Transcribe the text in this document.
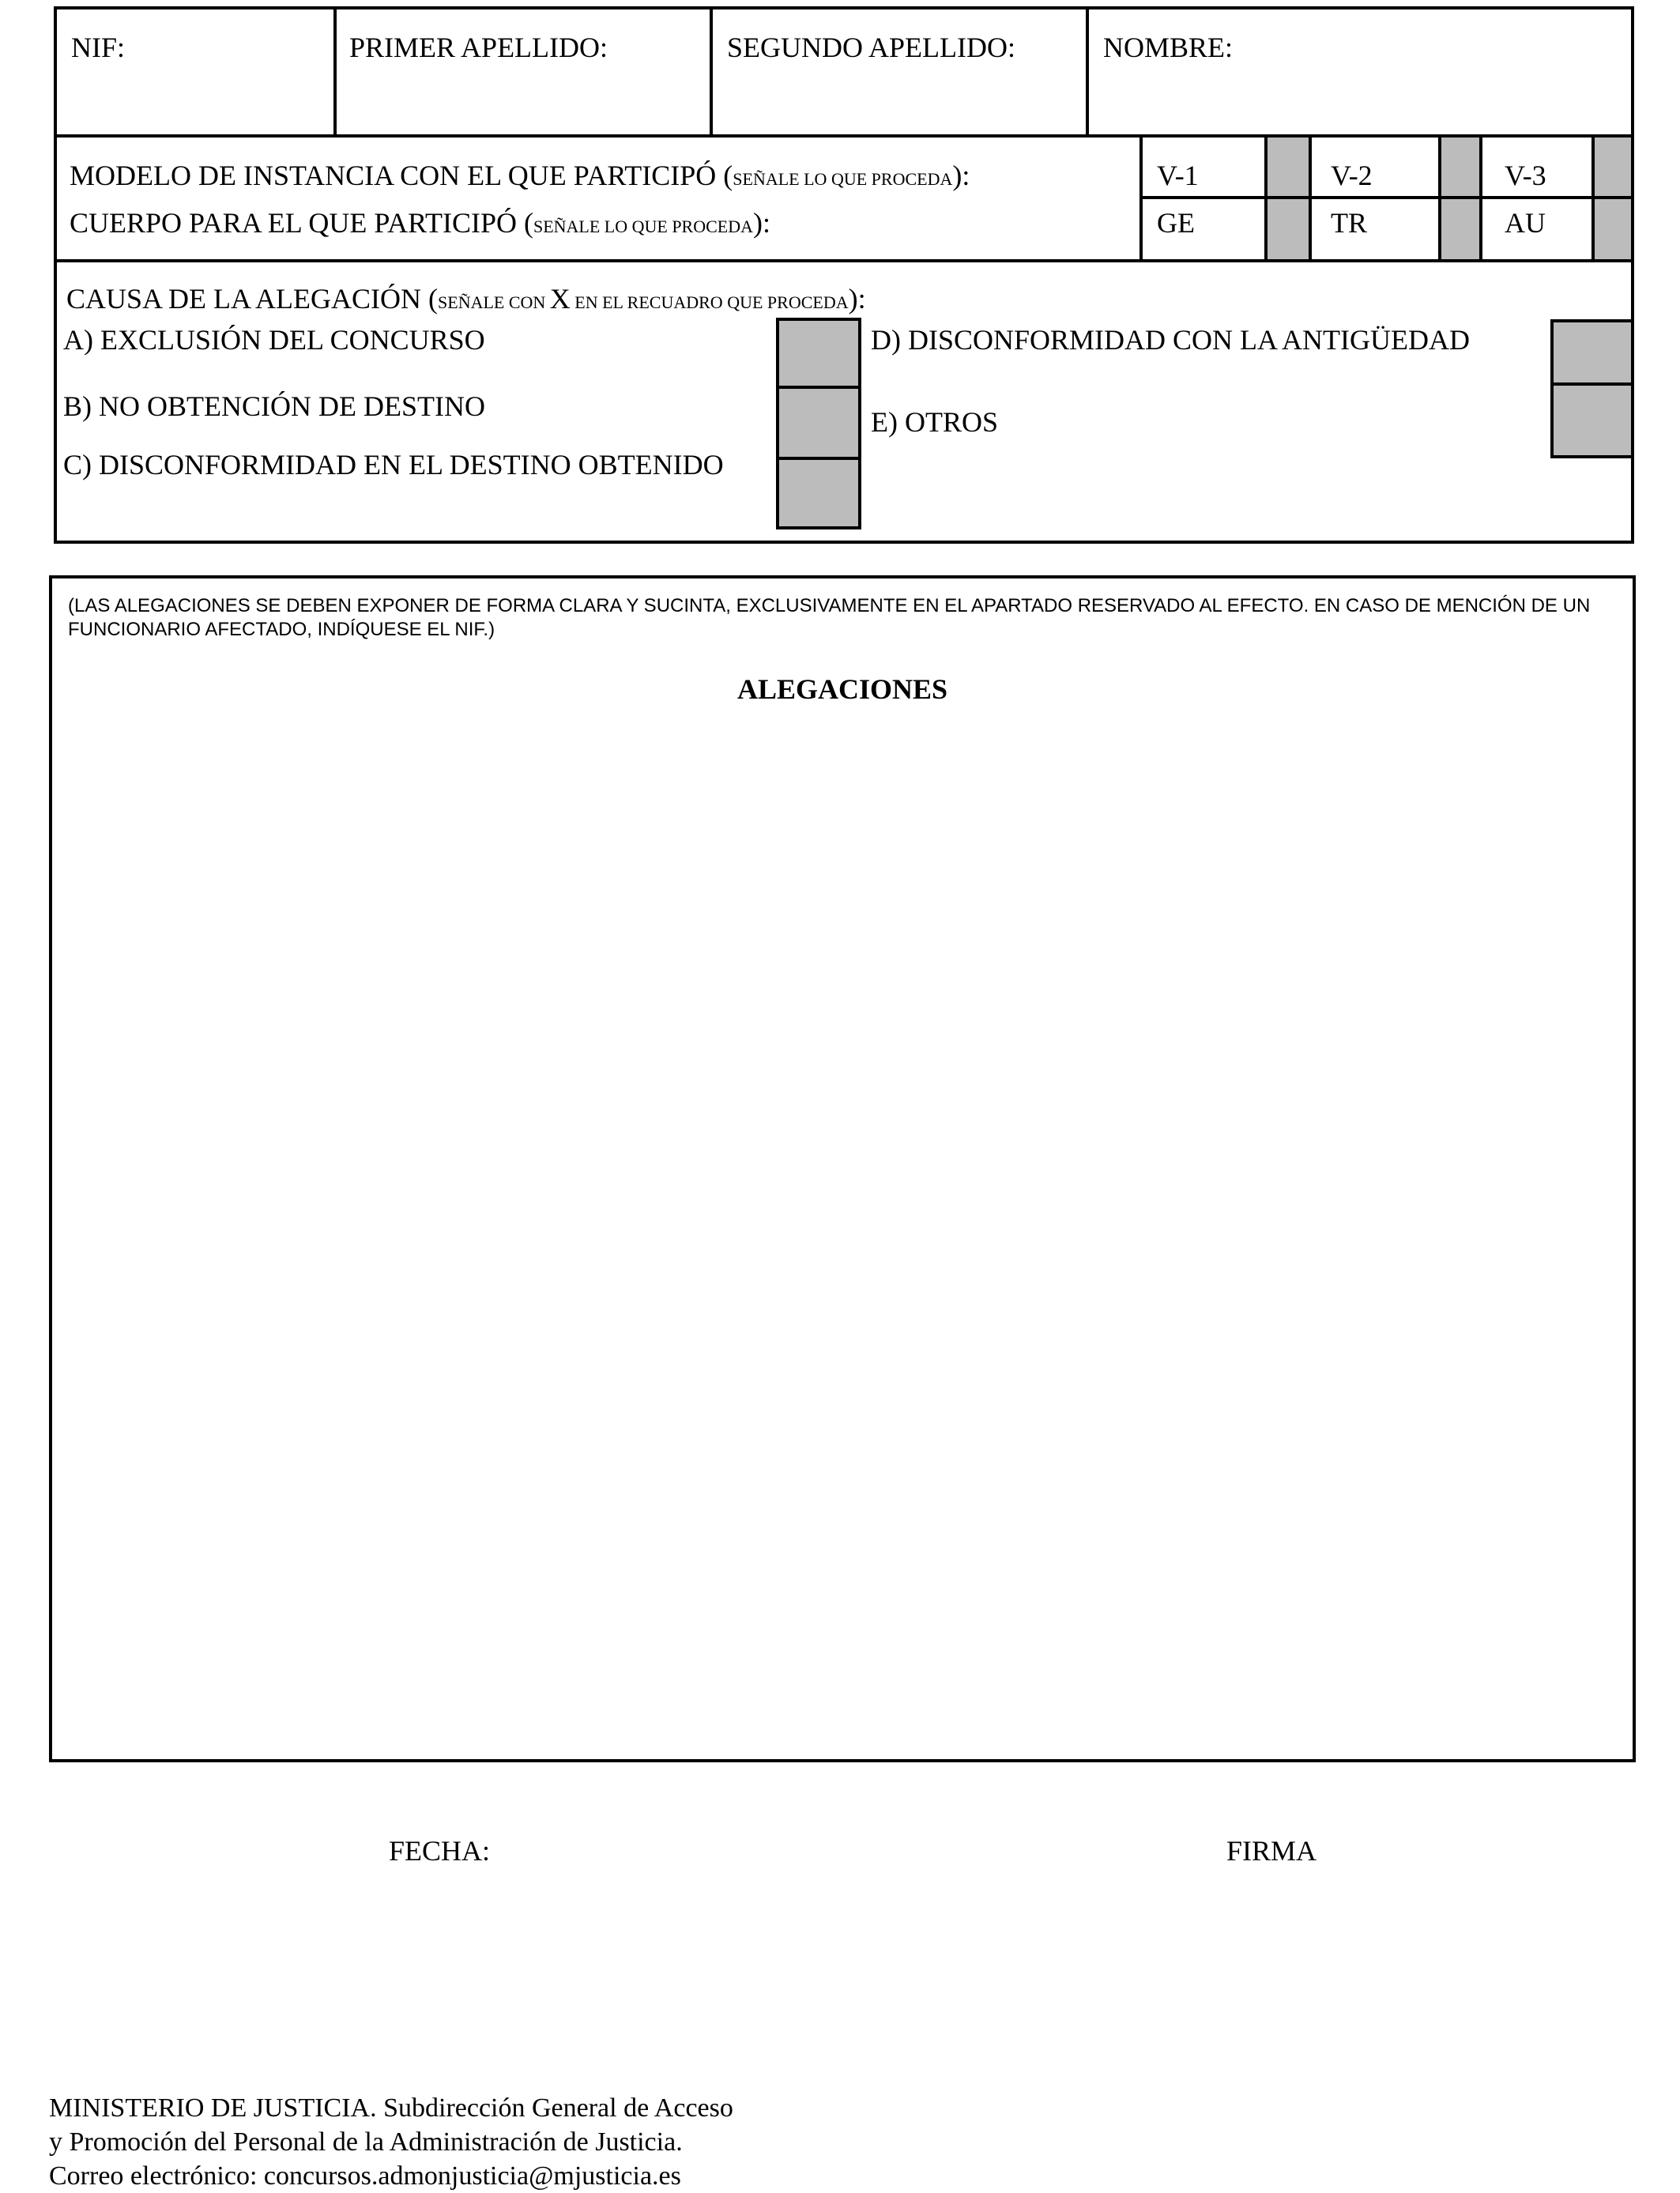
NIF:	PRIMER APELLIDO:	SEGUNDO APELLIDO:	NOMBRE:
MODELO DE INSTANCIA CON EL QUE PARTICIPÓ (SEÑALE LO QUE PROCEDA):
CUERPO PARA EL QUE PARTICIPÓ (SEÑALE LO QUE PROCEDA):
V-1	V-2	V-3
GE	TR	AU
CAUSA DE LA ALEGACIÓN (SEÑALE CON X EN EL RECUADRO QUE PROCEDA):
A) EXCLUSIÓN DEL CONCURSO
B) NO OBTENCIÓN DE DESTINO
C) DISCONFORMIDAD EN EL DESTINO OBTENIDO
D) DISCONFORMIDAD CON LA ANTIGÜEDAD
E) OTROS
(LAS ALEGACIONES SE DEBEN EXPONER DE FORMA CLARA Y SUCINTA, EXCLUSIVAMENTE EN EL APARTADO RESERVADO AL EFECTO. EN CASO DE MENCIÓN DE UN FUNCIONARIO AFECTADO, INDÍQUESE EL NIF.)
ALEGACIONES
FECHA:	FIRMA
MINISTERIO DE JUSTICIA. Subdirección General de Acceso
y Promoción del Personal de la Administración de Justicia.
Correo electrónico: concursos.admonjusticia@mjusticia.es
